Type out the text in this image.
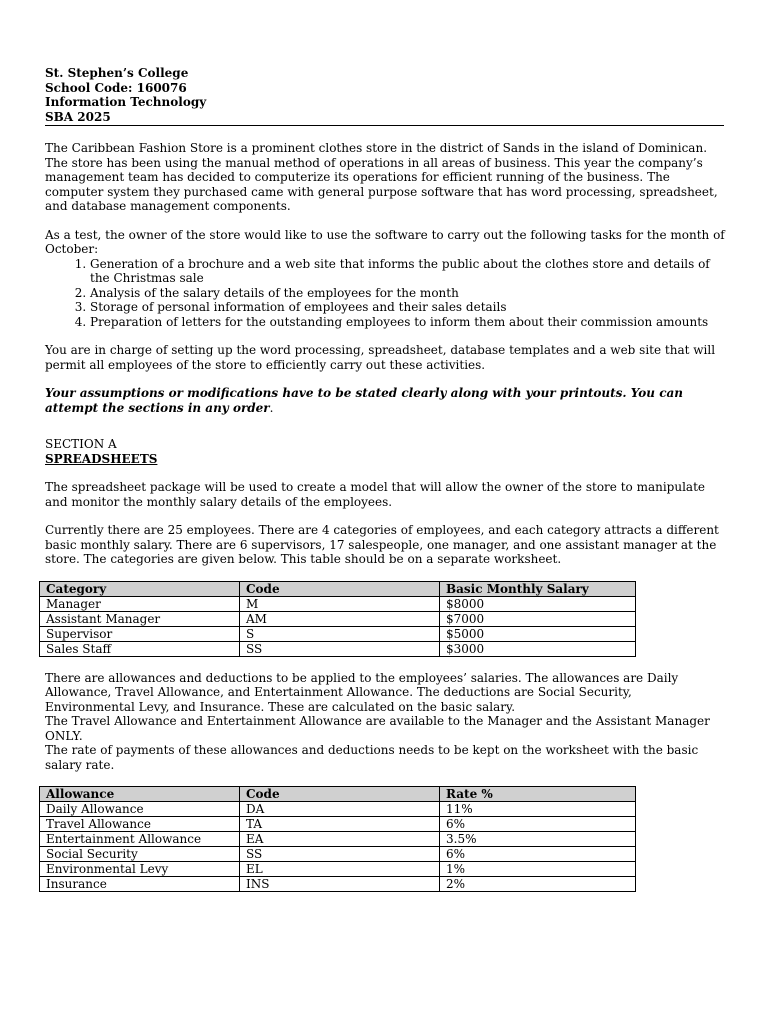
St. Stephen’s College
School Code: 160076
Information Technology
SBA 2025

The Caribbean Fashion Store is a prominent clothes store in the district of Sands in the island of Dominican. The store has been using the manual method of operations in all areas of business. This year the company’s management team has decided to computerize its operations for efficient running of the business. The computer system they purchased came with general purpose software that has word processing, spreadsheet, and database management components.

As a test, the owner of the store would like to use the software to carry out the following tasks for the month of October:

1. Generation of a brochure and a web site that informs the public about the clothes store and details of the Christmas sale
2. Analysis of the salary details of the employees for the month
3. Storage of personal information of employees and their sales details
4. Preparation of letters for the outstanding employees to inform them about their commission amounts

You are in charge of setting up the word processing, spreadsheet, database templates and a web site that will permit all employees of the store to efficiently carry out these activities.

Your assumptions or modifications have to be stated clearly along with your printouts. You can attempt the sections in any order.

SECTION A
SPREADSHEETS

The spreadsheet package will be used to create a model that will allow the owner of the store to manipulate and monitor the monthly salary details of the employees.

Currently there are 25 employees. There are 4 categories of employees, and each category attracts a different basic monthly salary. There are 6 supervisors, 17 salespeople, one manager, and one assistant manager at the store. The categories are given below. This table should be on a separate worksheet.

Category	Code	Basic Monthly Salary
Manager	M	$8000
Assistant Manager	AM	$7000
Supervisor	S	$5000
Sales Staff	SS	$3000

There are allowances and deductions to be applied to the employees’ salaries. The allowances are Daily Allowance, Travel Allowance, and Entertainment Allowance. The deductions are Social Security, Environmental Levy, and Insurance. These are calculated on the basic salary.

The Travel Allowance and Entertainment Allowance are available to the Manager and the Assistant Manager ONLY.

The rate of payments of these allowances and deductions needs to be kept on the worksheet with the basic salary rate.

Allowance	Code	Rate %
Daily Allowance	DA	11%
Travel Allowance	TA	6%
Entertainment Allowance	EA	3.5%
Social Security	SS	6%
Environmental Levy	EL	1%
Insurance	INS	2%
